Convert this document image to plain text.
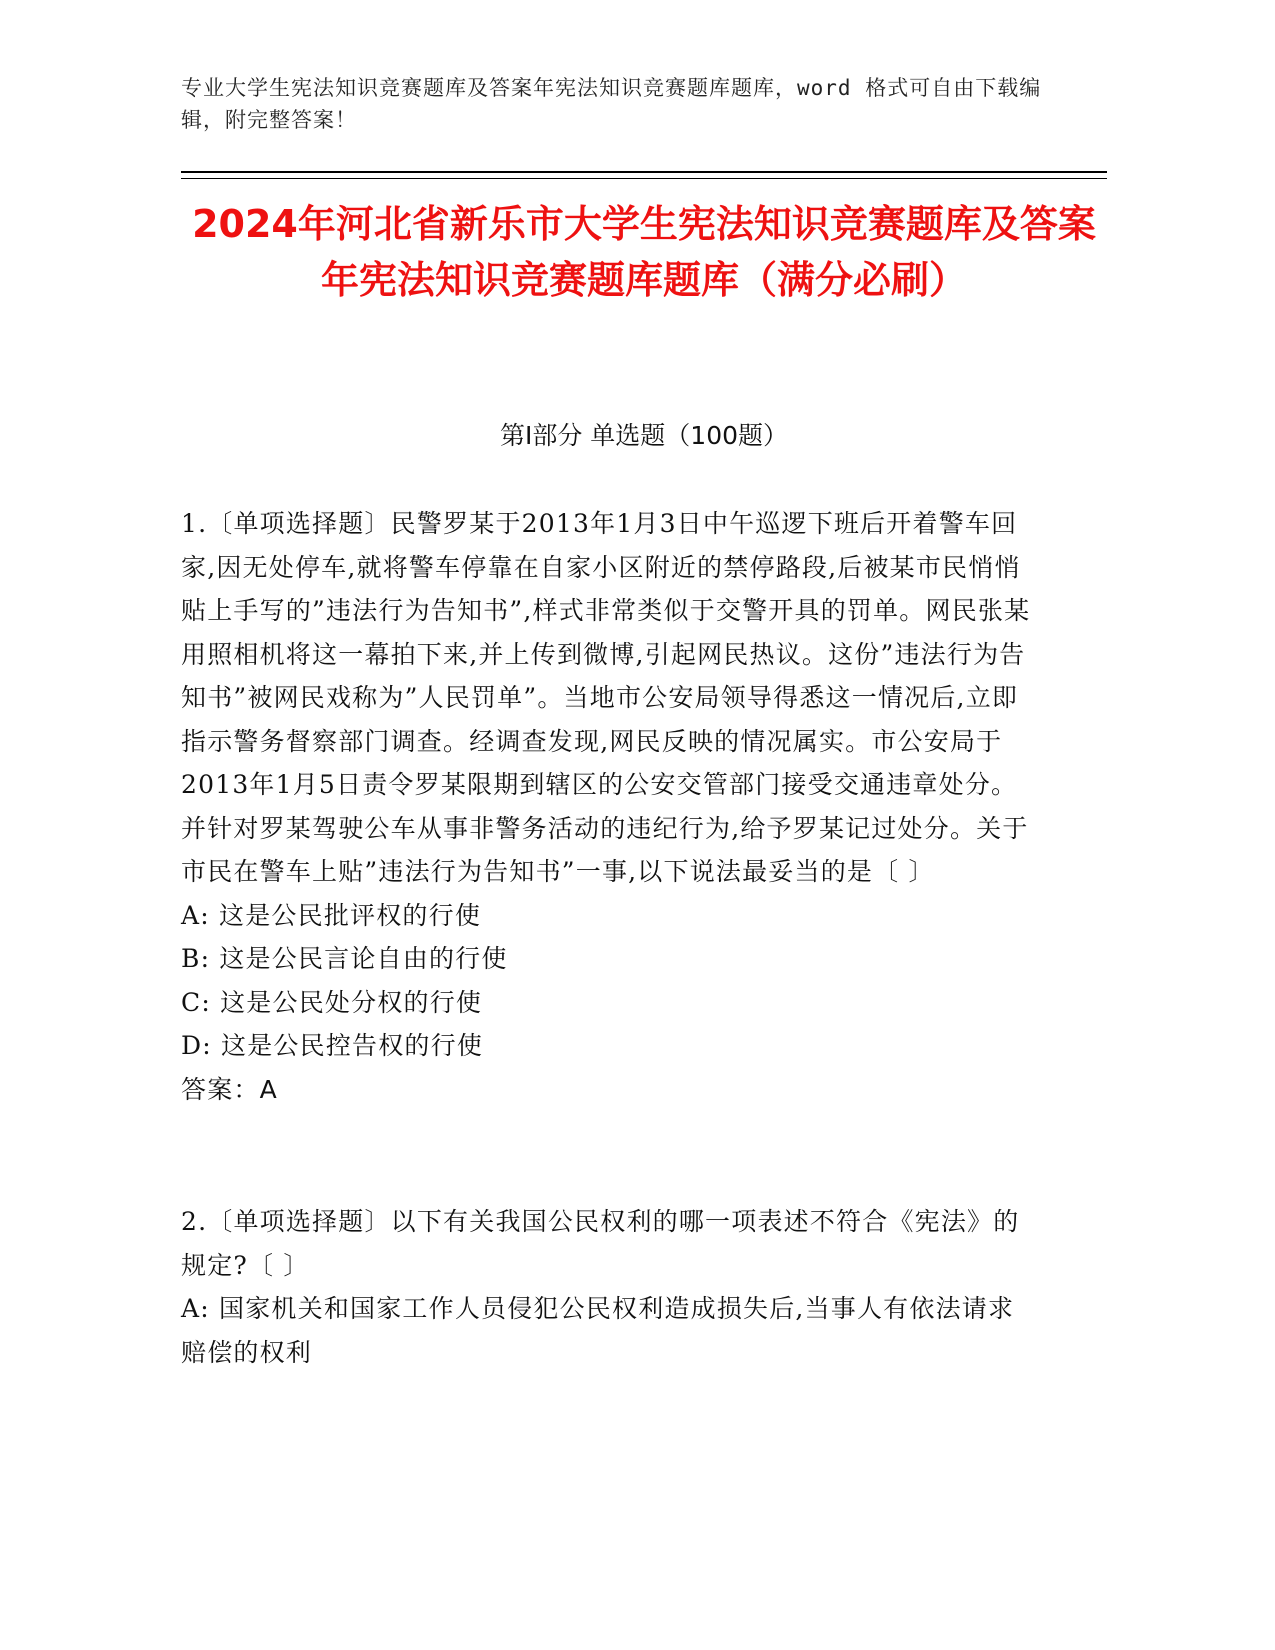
专业大学生宪法知识竞赛题库及答案年宪法知识竞赛题库题库，word 格式可自由下载编辑，附完整答案！
2024年河北省新乐市大学生宪法知识竞赛题库及答案年宪法知识竞赛题库题库（满分必刷）
第I部分 单选题（100题）

1.〔单项选择题〕民警罗某于2013年1月3日中午巡逻下班后开着警车回家,因无处停车,就将警车停靠在自家小区附近的禁停路段,后被某市民悄悄贴上手写的”违法行为告知书”,样式非常类似于交警开具的罚单。网民张某用照相机将这一幕拍下来,并上传到微博,引起网民热议。这份”违法行为告知书”被网民戏称为”人民罚单”。当地市公安局领导得悉这一情况后,立即指示警务督察部门调查。经调查发现,网民反映的情况属实。市公安局于2013年1月5日责令罗某限期到辖区的公安交管部门接受交通违章处分。并针对罗某驾驶公车从事非警务活动的违纪行为,给予罗某记过处分。关于市民在警车上贴”违法行为告知书”一事,以下说法最妥当的是〔 〕

A: 这是公民批评权的行使

B: 这是公民言论自由的行使

C: 这是公民处分权的行使

D: 这是公民控告权的行使

答案：A

2.〔单项选择题〕以下有关我国公民权利的哪一项表述不符合《宪法》的规定?〔 〕

A: 国家机关和国家工作人员侵犯公民权利造成损失后,当事人有依法请求赔偿的权利
